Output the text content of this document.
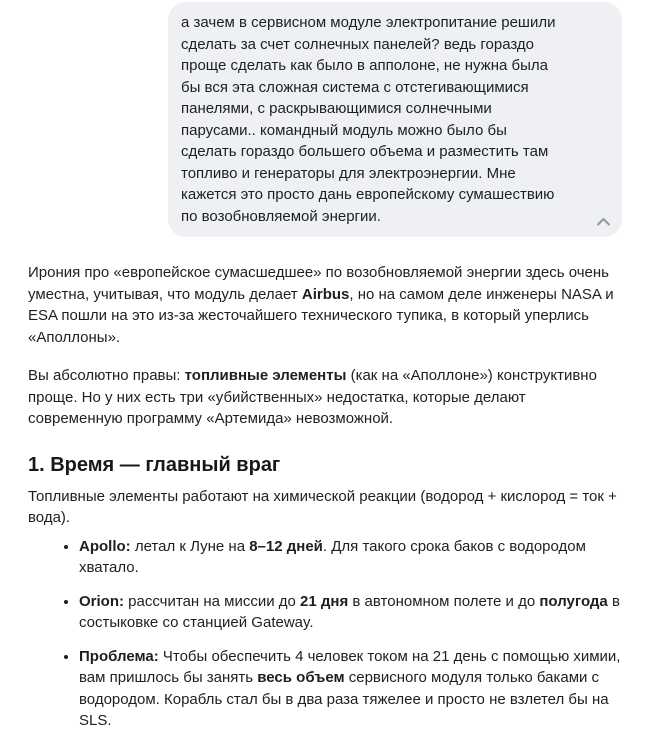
а зачем в сервисном модуле электропитание решили сделать за счет солнечных панелей? ведь гораздо проще сделать как было в апполоне, не нужна была бы вся эта сложная система с отстегивающимися панелями, с раскрывающимися солнечными парусами.. командный модуль можно было бы сделать гораздо большего объема и разместить там топливо и генераторы для электроэнергии. Мне кажется это просто дань европейскому сумашествию по возобновляемой энергии.

Ирония про «европейское сумасшедшее» по возобновляемой энергии здесь очень уместна, учитывая, что модуль делает Airbus, но на самом деле инженеры NASA и ESA пошли на это из-за жесточайшего технического тупика, в который уперлись «Аполлоны».

Вы абсолютно правы: топливные элементы (как на «Аполлоне») конструктивно проще. Но у них есть три «убийственных» недостатка, которые делают современную программу «Артемида» невозможной.

1. Время — главный враг

Топливные элементы работают на химической реакции (водород + кислород = ток + вода).

• Apollo: летал к Луне на 8–12 дней. Для такого срока баков с водородом хватало.
• Orion: рассчитан на миссии до 21 дня в автономном полете и до полугода в состыковке со станцией Gateway.
• Проблема: Чтобы обеспечить 4 человек током на 21 день с помощью химии, вам пришлось бы занять весь объем сервисного модуля только баками с водородом. Корабль стал бы в два раза тяжелее и просто не взлетел бы на SLS.
